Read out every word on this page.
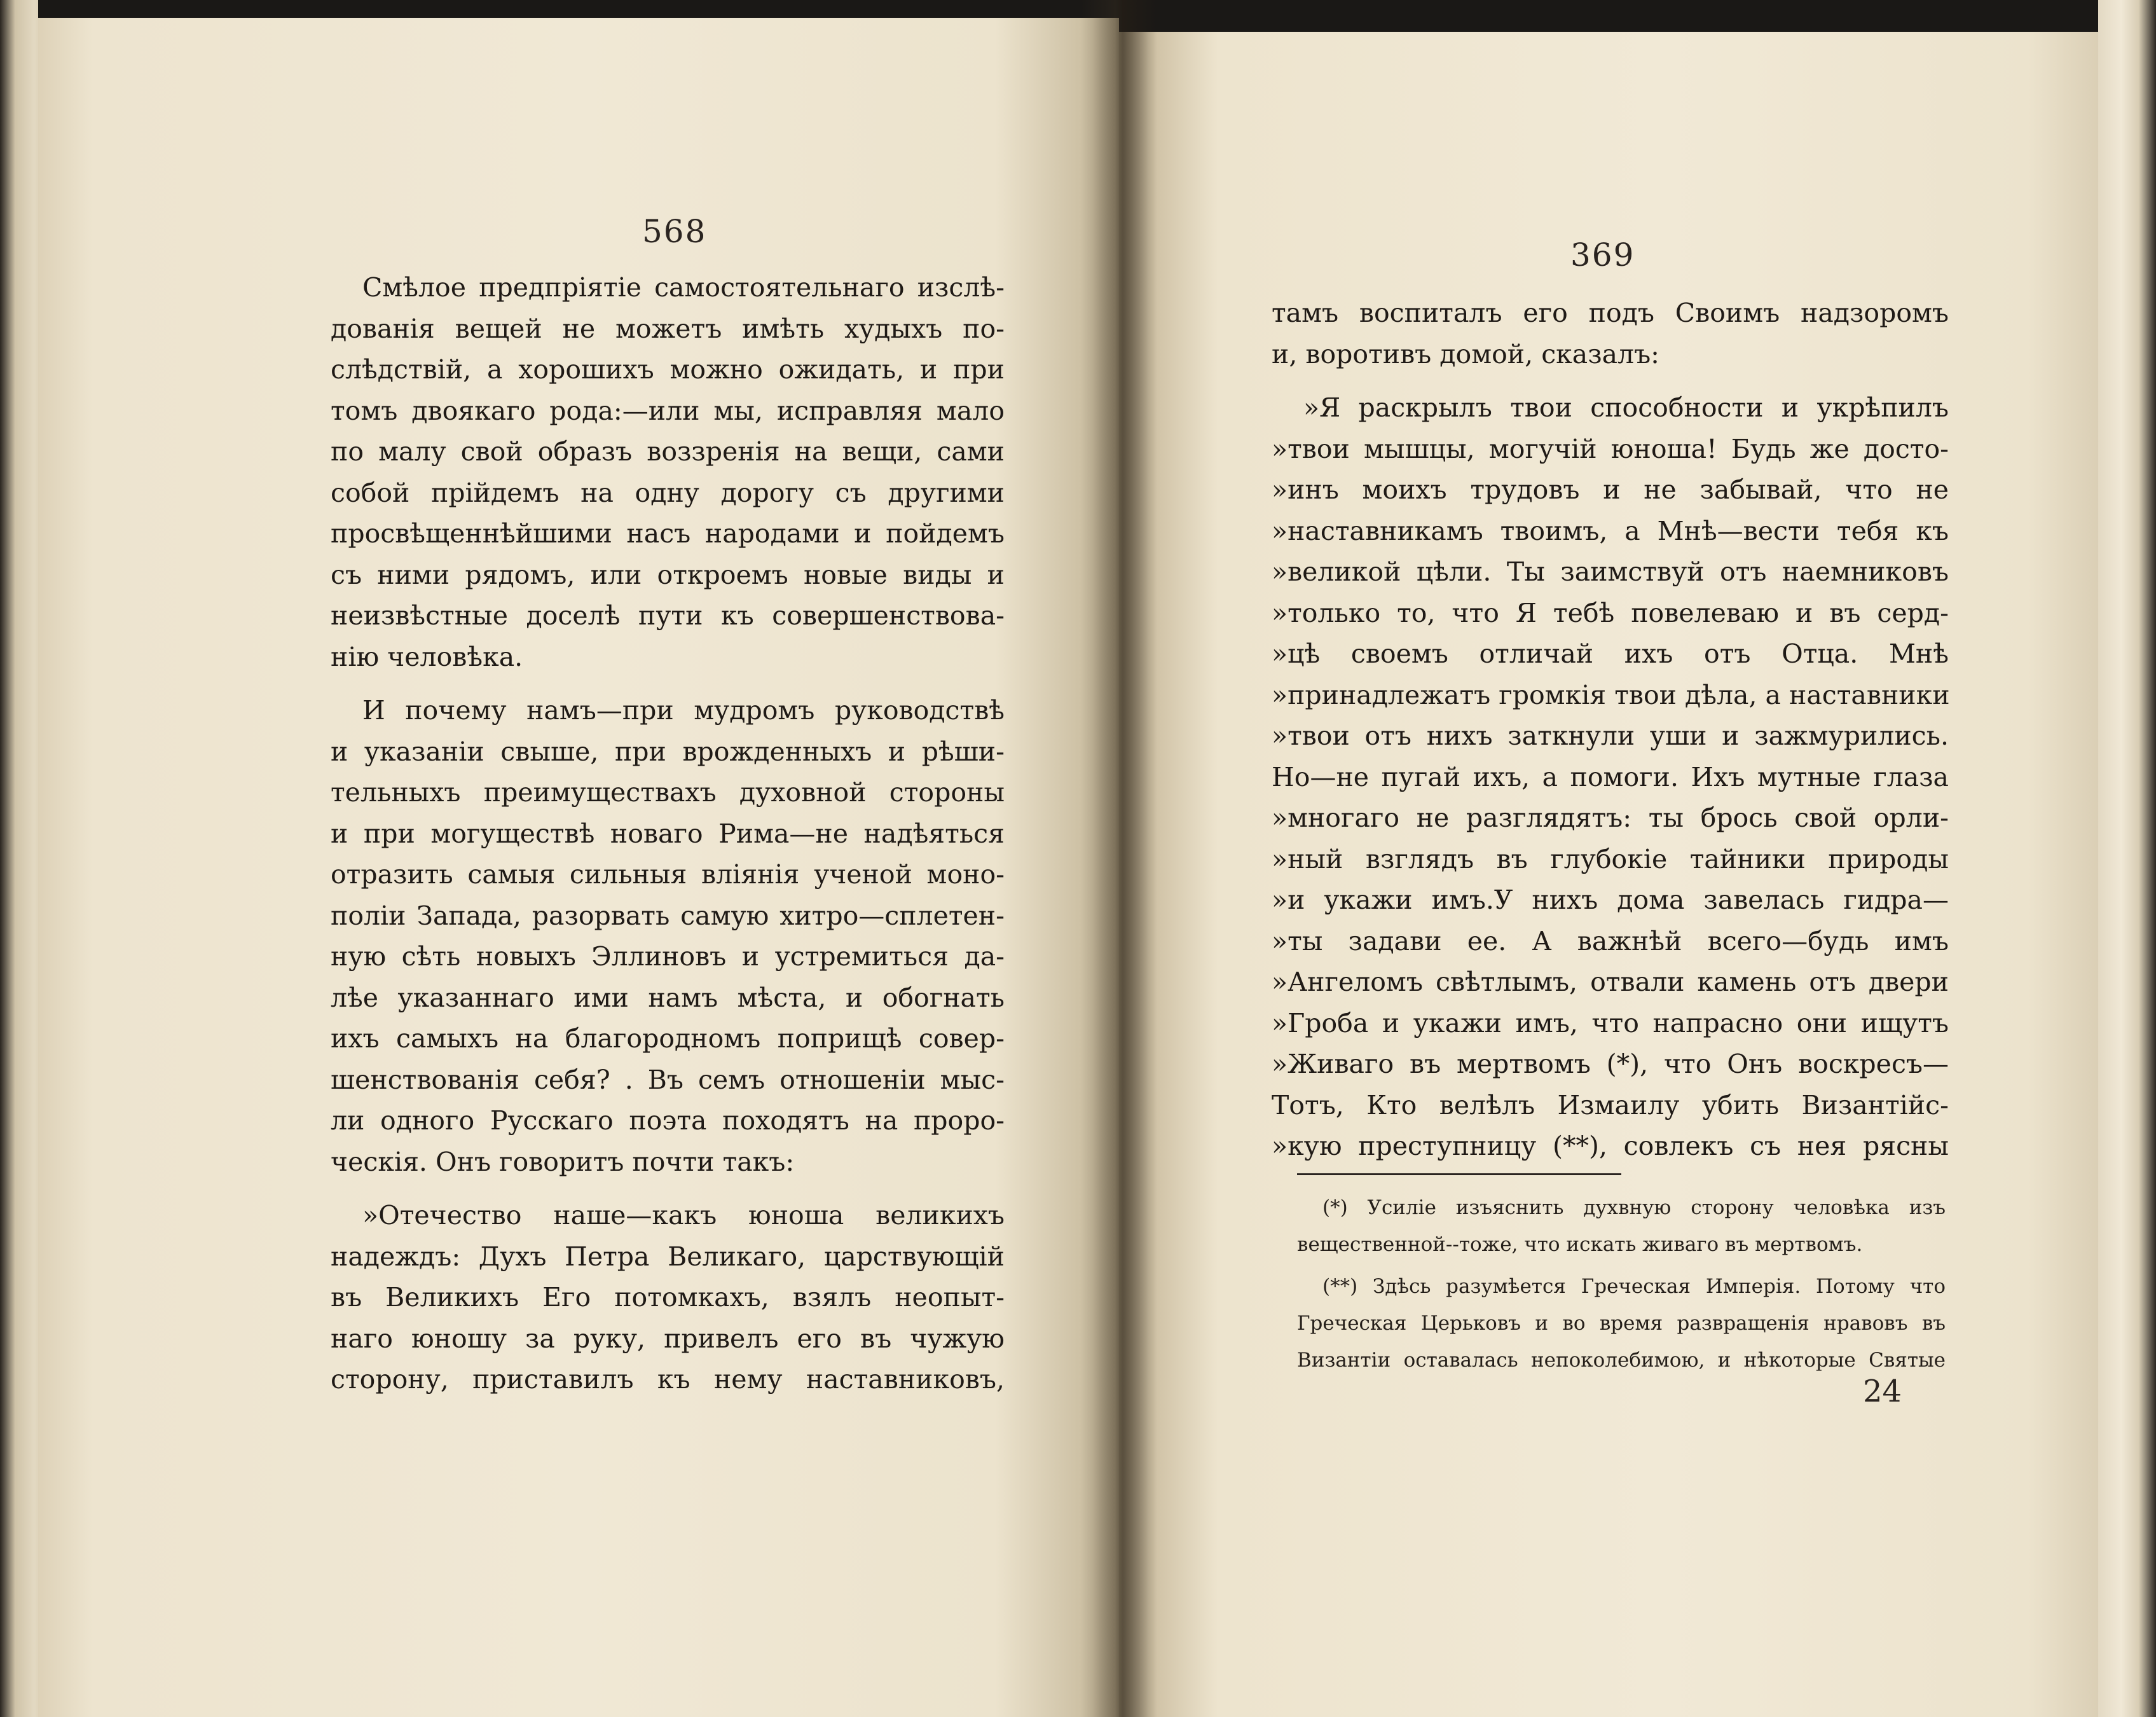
568
Смѣлое предпріятіе самостоятельнаго изслѣ-
дованія вещей не можетъ имѣть худыхъ по-
слѣдствій, а хорошихъ можно ожидать, и при
томъ двоякаго рода:—или мы, исправляя мало
по малу свой образъ воззренія на вещи, сами
собой прійдемъ на одну дорогу съ другими
просвѣщеннѣйшими насъ народами и пойдемъ
съ ними рядомъ, или откроемъ новые виды и
неизвѣстные доселѣ пути къ совершенствова-
нію человѣка.
И почему намъ—при мудромъ руководствѣ
и указаніи свыше, при врожденныхъ и рѣши-
тельныхъ преимуществахъ духовной стороны
и при могуществѣ новаго Рима—не надѣяться
отразить самыя сильныя вліянія ученой моно-
поліи Запада, разорвать самую хитро—сплетен-
ную сѣть новыхъ Эллиновъ и устремиться да-
лѣе указаннаго ими намъ мѣста, и обогнать
ихъ самыхъ на благородномъ поприщѣ совер-
шенствованія себя? . Въ семъ отношеніи мыс-
ли одного Русскаго поэта походятъ на проро-
ческія. Онъ говоритъ почти такъ:
»Отечество наше—какъ юноша великихъ
надеждъ: Духъ Петра Великаго, царствующій
въ Великихъ Его потомкахъ, взялъ неопыт-
наго юношу за руку, привелъ его въ чужую
сторону, приставилъ къ нему наставниковъ,
369
тамъ воспиталъ его подъ Своимъ надзоромъ
и, воротивъ домой, сказалъ:
»Я раскрылъ твои способности и укрѣпилъ
»твои мышцы, могучій юноша! Будь же досто-
»инъ моихъ трудовъ и не забывай, что не
»наставникамъ твоимъ, а Мнѣ—вести тебя къ
»великой цѣли. Ты заимствуй отъ наемниковъ
»только то, что Я тебѣ повелеваю и въ серд-
»цѣ своемъ отличай ихъ отъ Отца. Мнѣ
»принадлежатъ громкія твои дѣла, а наставники
»твои отъ нихъ заткнули уши и зажмурились.
Но—не пугай ихъ, а помоги. Ихъ мутные глаза
»многаго не разглядятъ: ты брось свой орли-
»ный взглядъ въ глубокіе тайники природы
»и укажи имъ.У нихъ дома завелась гидра—
»ты задави ее. А важнѣй всего—будь имъ
»Ангеломъ свѣтлымъ, отвали камень отъ двери
»Гроба и укажи имъ, что напрасно они ищутъ
»Живаго въ мертвомъ (*), что Онъ воскресъ—
Тотъ, Кто велѣлъ Измаилу убить Византійс-
»кую преступницу (**), совлекъ съ нея рясны
(*) Усиліе изъяснить духвную сторону человѣка изъ
вещественной--тоже, что искать живаго въ мертвомъ.
(**) Здѣсь разумѣется Греческая Имперія. Потому что
Греческая Церьковъ и во время развращенія нравовъ въ
Византіи оставалась непоколебимою, и нѣкоторые Святые
24
